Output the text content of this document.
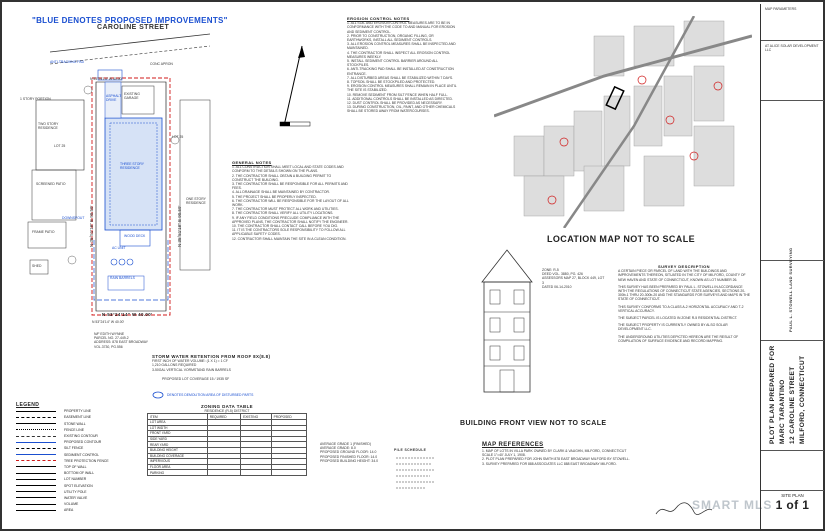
"BLUE DENOTES PROPOSED IMPROVEMENTS"
CAROLINE STREET
N 53°24'14" W 40.00'
N 53°24'14" W 40.00'
N 53°24'14" W 40.00'
LOT 25
LOT 25
TWO STORY RESIDENCE
1 STORY PORTION
SCREENED PATIO
FRAME PATIO
SHED
EXISTING GARAGE
THREE STORY RESIDENCE
ASPHALT DRIVE
WOOD DECK
AC UNIT
RAIN BARRELS
DOWNSPOUT
ANTI-TRACKING PAD	CONC APRON
ONE STORY RESIDENCE
N 35°51'18" E 90.59'	N 35°51'18" E 90.59'
N/F EDITH WYNNE
PARCEL NO. 27-449-2
ADDRESS: 878 EAST BROADWAY
VOL.3730, PG.556
EROSION CONTROL NOTES
1. ALL SOIL AND EROSION CONTROL MEASURES ARE TO BE IN CONFORMANCE WITH THE CODE TO AND MANUAL FOR EROSION AND SEDIMENT CONTROL.
2. PRIOR TO CONSTRUCTION, ORGANIC FILLING, OR EARTHWORKS, INSTALL ALL SEDIMENT CONTROLS.
3. ALL EROSION CONTROL MEASURES SHALL BE INSPECTED AND MAINTAINED.
4. THE CONTRACTOR SHALL INSPECT ALL EROSION CONTROL MEASURES WEEKLY.
5. INSTALL SEDIMENT CONTROL BARRIER AROUND ALL STOCKPILES.
6. ANTI-TRACKING PAD SHALL BE INSTALLED AT CONSTRUCTION ENTRANCE.
7. ALL DISTURBED AREAS SHALL BE STABILIZED WITHIN 7 DAYS.
8. TOPSOIL SHALL BE STOCKPILED AND PROTECTED.
9. EROSION CONTROL MEASURES SHALL REMAIN IN PLACE UNTIL THE SITE IS STABILIZED.
10. REMOVE SEDIMENT FROM SILT FENCE WHEN HALF FULL.
11. ADDITIONAL CONTROLS SHALL BE INSTALLED AS DIRECTED.
12. DUST CONTROL SHALL BE PROVIDED AS NECESSARY.
13. DURING CONSTRUCTION, OIL, PAINT, AND OTHER CHEMICALS SHALL BE STORED AWAY FROM WATERCOURSES.
GENERAL NOTES
1. ALL CONSTRUCTION SHALL MEET LOCAL AND STATE CODES AND CONFORM TO THE DETAILS SHOWN ON THE PLANS.
2. THE CONTRACTOR SHALL OBTAIN A BUILDING PERMIT TO CONSTRUCT THE BUILDING.
3. THE CONTRACTOR SHALL BE RESPONSIBLE FOR ALL PERMITS AND FEES.
4. ALL DRAINAGE SHALL BE MAINTAINED BY CONTRACTOR.
5. THE PROJECT SHALL BE PROPERLY INSPECTED.
6. THE CONTRACTOR WILL BE RESPONSIBLE FOR THE LAYOUT OF ALL WORK.
7. THE CONTRACTOR MUST PROTECT ALL WORK AND UTILITIES.
8. THE CONTRACTOR SHALL VERIFY ALL UTILITY LOCATIONS.
9. IF ANY FIELD CONDITIONS PRECLUDE COMPLIANCE WITH THE APPROVED PLANS, THE CONTRACTOR SHALL NOTIFY THE ENGINEER.
10. THE CONTRACTOR SHALL CONTACT CALL BEFORE YOU DIG.
11. IT IS THE CONTRACTORS SOLE RESPONSIBILITY TO FOLLOW ALL APPLICABLE SAFETY CODES.
12. CONTRACTOR SHALL MAINTAIN THE SITE IN A CLEAN CONDITION.
STORM WATER RETENTION FROM ROOF 8X(8.8)
FIRST INCH OF WATER VOLUME: (1 X 1) = 1 CF
1,210 GALLONS REQUIRED
3-50GAL VERTICAL VORMSTAND RAIN BARRELS
DENOTES DEMOLITION AREA OF DISTURBED PARTS
ZONING DATA TABLE
RESIDENCE (R-5) DISTRICT
ITEM	REQUIRED	EXISTING	PROPOSED
LOT AREA			
LOT WIDTH			
FRONT YARD			
SIDE YARD			
REAR YARD			
BUILDING HEIGHT			
BUILDING COVERAGE			
IMPERVIOUS			
FLOOR AREA			
PARKING			
PROPOSED LOT COVERAGE 15 / 1935 SF
AVERAGE GRADE 1 (FINISHED)
AVERAGE GRADE: 8.0
PROPOSED GROUND FLOOR: 14.0
PROPOSED FINISHED FLOOR: 14.0
PROPOSED BUILDING HEIGHT: 34.0
PILE SCHEDULE
LEGEND
PROPERTY LINE
EASEMENT LINE
STONE WALL
FENCE LINE
EXISTING CONTOUR
PROPOSED CONTOUR
SILT FENCE
SEDIMENT CONTROL
TREE PROTECTION FENCE
TOP OF WALL
BOTTOM OF WALL
LOT NUMBER
SPOT ELEVATION
UTILITY POLE
WATER VALVE
VOLUME
AREA
LOCATION MAP NOT TO SCALE
BUILDING FRONT VIEW NOT TO SCALE
ZONE: R-5
DEED VOL. 3880, PG. 426
ASSESSORS MAP 27, BLOCK 449, LOT 3
DATED 06-14-2010
SURVEY DESCRIPTION
A CERTAIN PIECE OR PARCEL OF LAND WITH THE BUILDINGS AND IMPROVEMENTS THEREON, SITUATED IN THE CITY OF MILFORD, COUNTY OF NEW HAVEN AND STATE OF CONNECTICUT, KNOWN AS LOT NUMBER 26.
THIS SURVEY HAS BEEN PREPARED BY PAUL L. STOWELL IN ACCORDANCE WITH THE REGULATIONS OF CONNECTICUT STATE AGENCIES, SECTIONS 20-300b-1 THRU 20-300b-20 AND THE STANDARDS FOR SURVEYS AND MAPS IN THE STATE OF CONNECTICUT.
THIS SURVEY CONFORMS TO A CLASS A-2 HORIZONTAL ACCURACY AND T-2 VERTICAL ACCURACY.
THE SUBJECT PARCEL IS LOCATED IN ZONE R-5 RESIDENTIAL DISTRICT.
THE SUBJECT PROPERTY IS CURRENTLY OWNED BY ALSO SOLAR DEVELOPMENT LLC.
THE UNDERGROUND UTILITIES DEPICTED HEREON ARE THE RESULT OF COMPILATION OF SURFACE EVIDENCE AND RECORD MAPPING.
MAP REFERENCES
1. MAP OF LOTS IN VILLA PARK OWNED BY CLARK & VAUGHN, MILFORD, CONNECTICUT SCALE 1"=40' JULY 1, 1908.
2. PLOT PLAN PREPARED FOR JOHN SMITH 878 EAST BROADWAY MILFORD BY STOWELL.
3. SURVEY PREPARED FOR 888 ASSOCIATES LLC 888 EAST BROADWAY MILFORD.
SMART MLS
MAP PARAMETERS
AT ALICE SOLAR DEVELOPMENT LLC
PAUL L. STOWELL LAND SURVEYING
PLOT PLAN PREPARED FOR MARC TARANTINO 12 CAROLINE STREET MILFORD, CONNECTICUT
SITE PLAN
1 of 1
